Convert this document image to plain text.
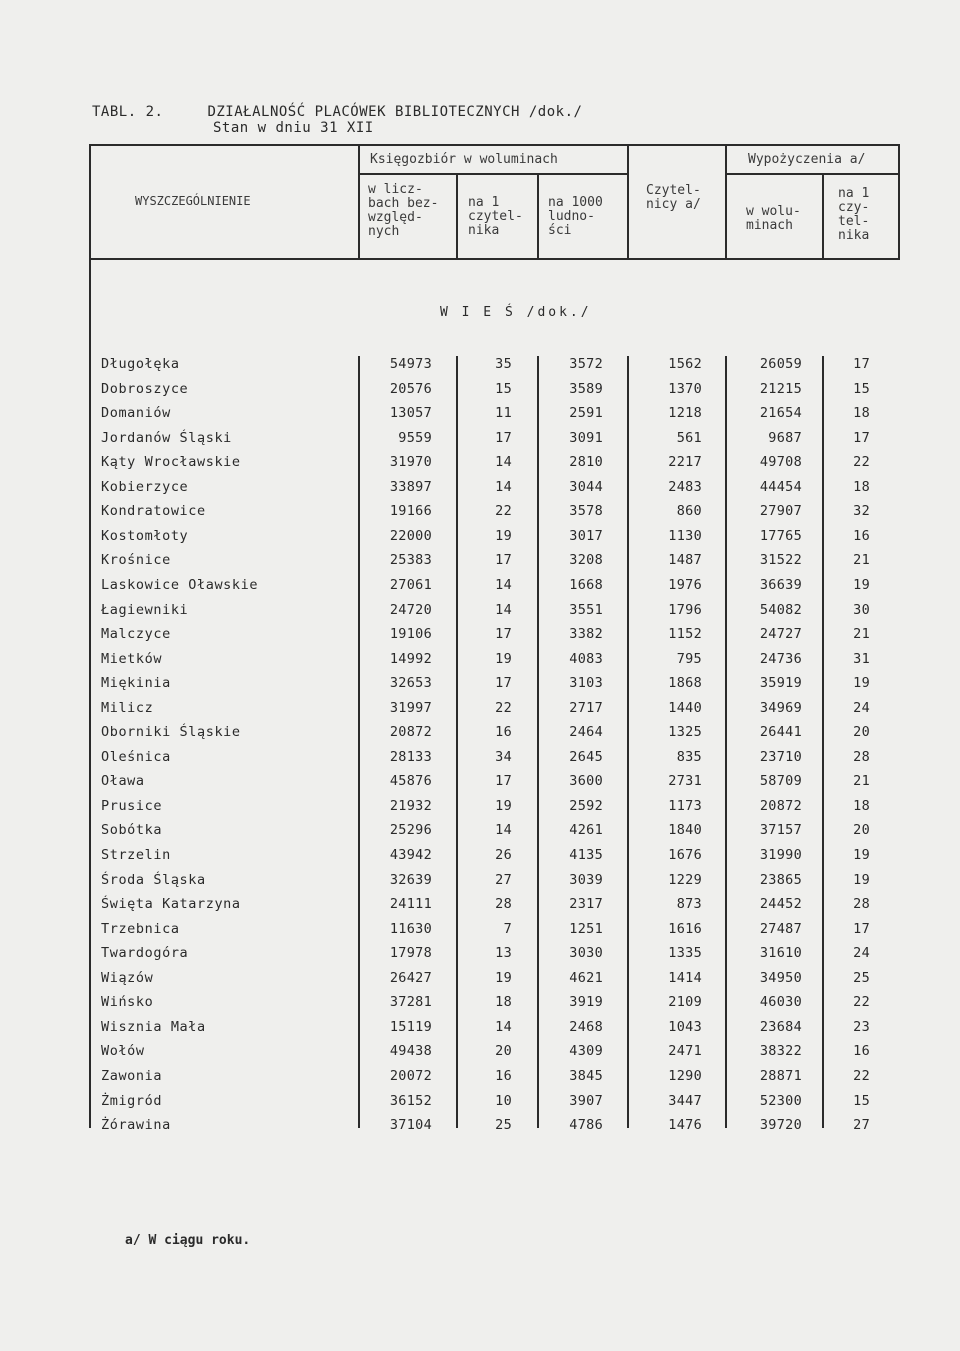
TABL. 2.	DZIAŁALNOŚĆ PLACÓWEK BIBLIOTECZNYCH /dok./
Stan w dniu 31 XII
WYSZCZEGÓLNIENIE
Księgozbiór w woluminach
w licz-
bach bez-
względ-
nych
na 1
czytel-
nika
na 1000
ludno-
ści
Czytel-
nicy a/
Wypożyczenia a/
w wolu-
minach
na 1
czy-
tel-
nika
W I E Ś /dok./
Długołęka	54973	35	3572	1562	26059	17
Dobroszyce	20576	15	3589	1370	21215	15
Domaniów	13057	11	2591	1218	21654	18
Jordanów Śląski	9559	17	3091	561	9687	17
Kąty Wrocławskie	31970	14	2810	2217	49708	22
Kobierzyce	33897	14	3044	2483	44454	18
Kondratowice	19166	22	3578	860	27907	32
Kostomłoty	22000	19	3017	1130	17765	16
Krośnice	25383	17	3208	1487	31522	21
Laskowice Oławskie	27061	14	1668	1976	36639	19
Łagiewniki	24720	14	3551	1796	54082	30
Malczyce	19106	17	3382	1152	24727	21
Mietków	14992	19	4083	795	24736	31
Miękinia	32653	17	3103	1868	35919	19
Milicz	31997	22	2717	1440	34969	24
Oborniki Śląskie	20872	16	2464	1325	26441	20
Oleśnica	28133	34	2645	835	23710	28
Oława	45876	17	3600	2731	58709	21
Prusice	21932	19	2592	1173	20872	18
Sobótka	25296	14	4261	1840	37157	20
Strzelin	43942	26	4135	1676	31990	19
Środa Śląska	32639	27	3039	1229	23865	19
Święta Katarzyna	24111	28	2317	873	24452	28
Trzebnica	11630	7	1251	1616	27487	17
Twardogóra	17978	13	3030	1335	31610	24
Wiązów	26427	19	4621	1414	34950	25
Wińsko	37281	18	3919	2109	46030	22
Wisznia Mała	15119	14	2468	1043	23684	23
Wołów	49438	20	4309	2471	38322	16
Zawonia	20072	16	3845	1290	28871	22
Żmigród	36152	10	3907	3447	52300	15
Żórawina	37104	25	4786	1476	39720	27
a/ W ciągu roku.
